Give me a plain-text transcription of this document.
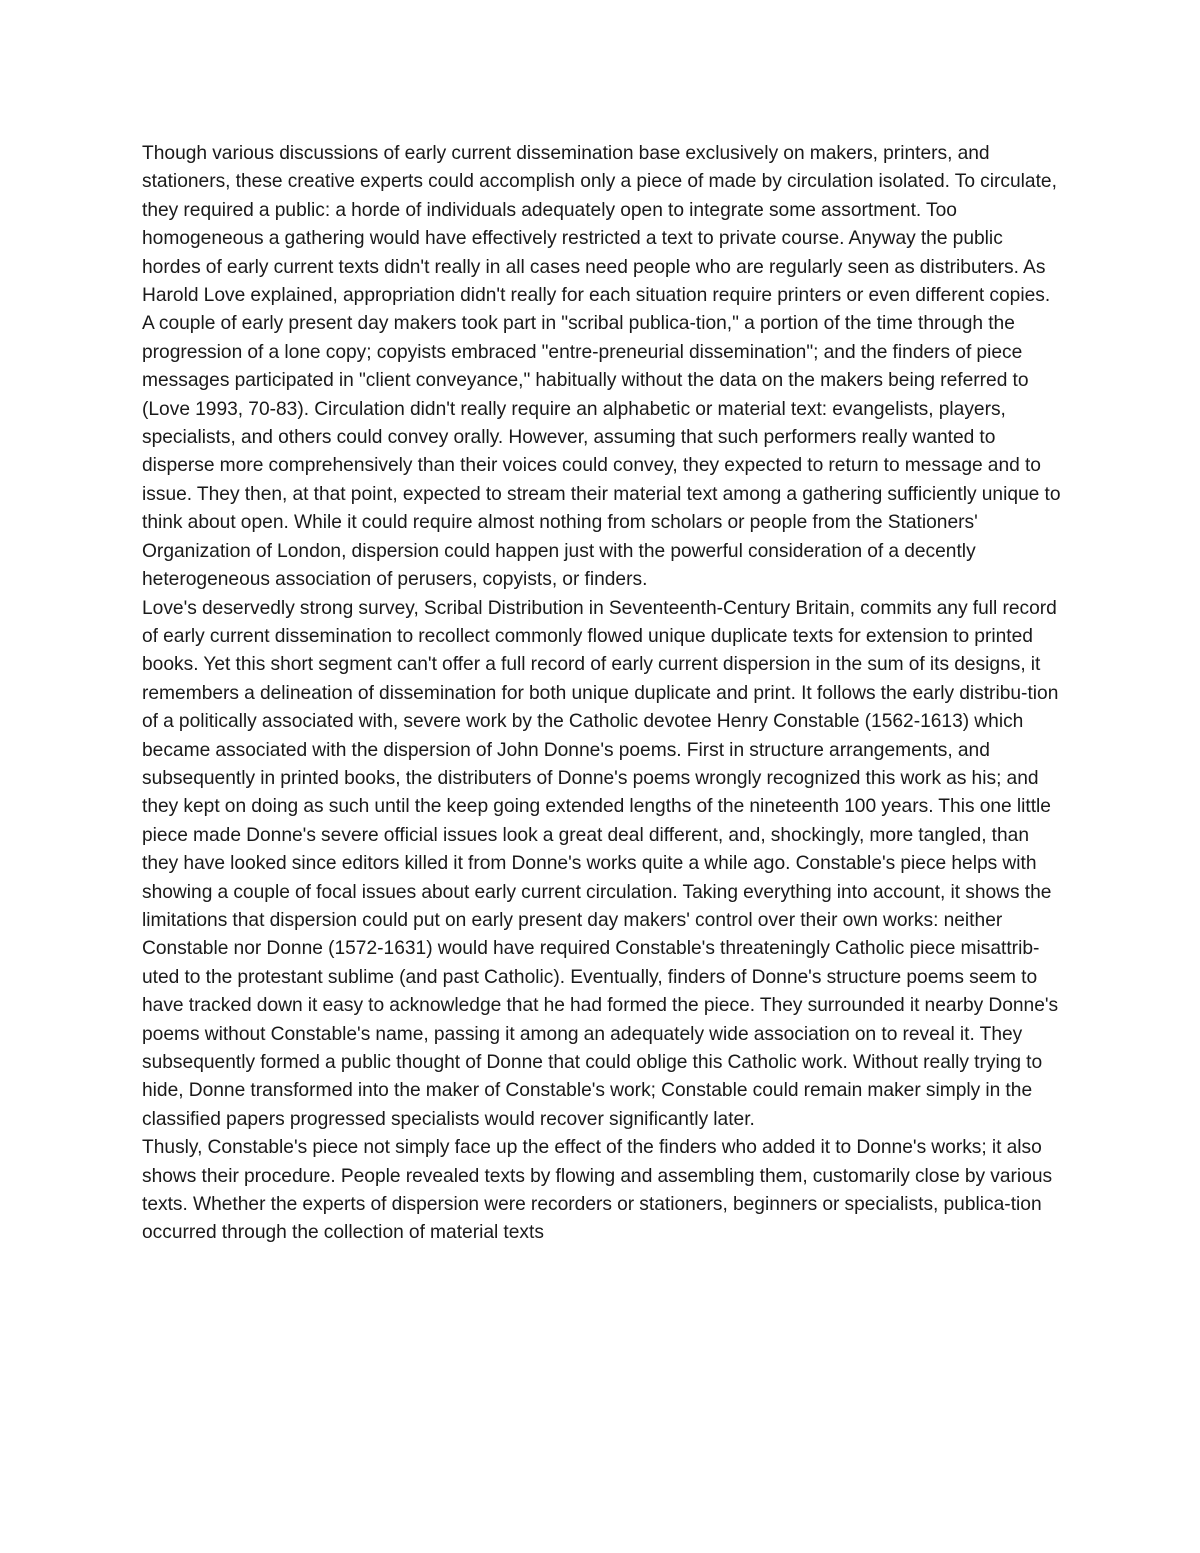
Though various discussions of early current dissemination base exclusively on makers, printers, and stationers, these creative experts could accomplish only a piece of made by circulation isolated. To circulate, they required a public: a horde of individuals adequately open to integrate some assortment. Too homogeneous a gathering would have effectively restricted a text to private course. Anyway the public hordes of early current texts didn't really in all cases need people who are regularly seen as distributers. As Harold Love explained, appropriation didn't really for each situation require printers or even different copies. A couple of early present day makers took part in "scribal publica-tion," a portion of the time through the progression of a lone copy; copyists embraced "entre-preneurial dissemination"; and the finders of piece messages participated in "client conveyance," habitually without the data on the makers being referred to (Love 1993, 70-83). Circulation didn't really require an alphabetic or material text: evangelists, players, specialists, and others could convey orally. However, assuming that such performers really wanted to disperse more comprehensively than their voices could convey, they expected to return to message and to issue. They then, at that point, expected to stream their material text among a gathering sufficiently unique to think about open. While it could require almost nothing from scholars or people from the Stationers' Organization of London, dispersion could happen just with the powerful consideration of a decently heterogeneous association of perusers, copyists, or finders.

Love's deservedly strong survey, Scribal Distribution in Seventeenth-Century Britain, commits any full record of early current dissemination to recollect commonly flowed unique duplicate texts for extension to printed books. Yet this short segment can't offer a full record of early current dispersion in the sum of its designs, it remembers a delineation of dissemination for both unique duplicate and print. It follows the early distribu-tion of a politically associated with, severe work by the Catholic devotee Henry Constable (1562-1613) which became associated with the dispersion of John Donne's poems. First in structure arrangements, and subsequently in printed books, the distributers of Donne's poems wrongly recognized this work as his; and they kept on doing as such until the keep going extended lengths of the nineteenth 100 years. This one little piece made Donne's severe official issues look a great deal different, and, shockingly, more tangled, than they have looked since editors killed it from Donne's works quite a while ago. Constable's piece helps with showing a couple of focal issues about early current circulation. Taking everything into account, it shows the limitations that dispersion could put on early present day makers' control over their own works: neither Constable nor Donne (1572-1631) would have required Constable's threateningly Catholic piece misattrib-uted to the protestant sublime (and past Catholic). Eventually, finders of Donne's structure poems seem to have tracked down it easy to acknowledge that he had formed the piece. They surrounded it nearby Donne's poems without Constable's name, passing it among an adequately wide association on to reveal it. They subsequently formed a public thought of Donne that could oblige this Catholic work. Without really trying to hide, Donne transformed into the maker of Constable's work; Constable could remain maker simply in the classified papers progressed specialists would recover significantly later.

Thusly, Constable's piece not simply face up the effect of the finders who added it to Donne's works; it also shows their procedure. People revealed texts by flowing and assembling them, customarily close by various texts. Whether the experts of dispersion were recorders or stationers, beginners or specialists, publica-tion occurred through the collection of material texts
